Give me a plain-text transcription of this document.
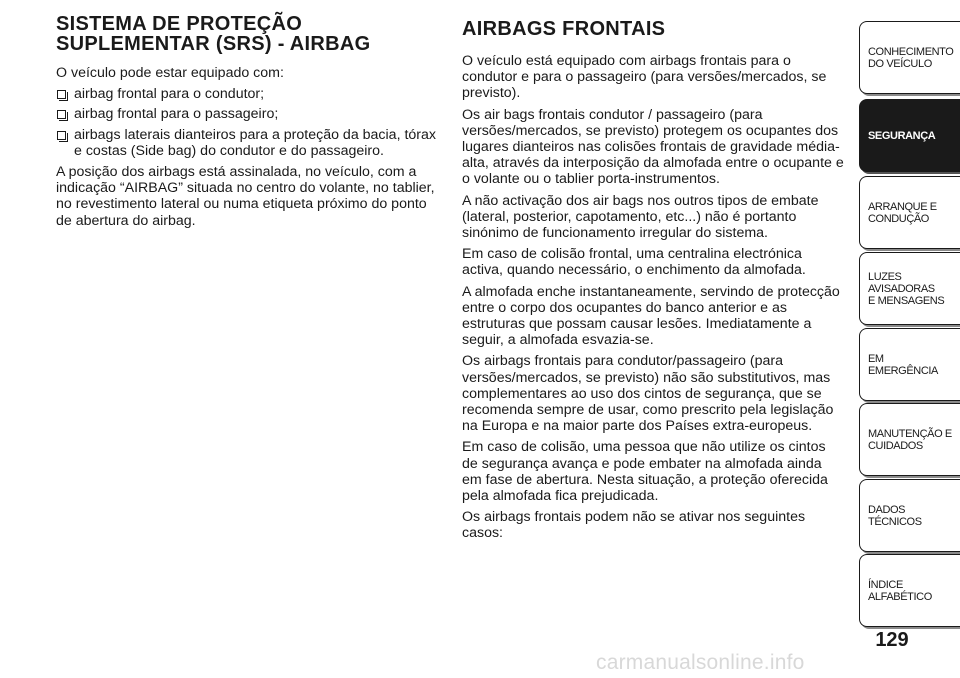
SISTEMA DE PROTEÇÃO
SUPLEMENTAR (SRS) - AIRBAG

O veículo pode estar equipado com:

airbag frontal para o condutor;
airbag frontal para o passageiro;
airbags laterais dianteiros para a proteção da bacia, tórax e costas (Side bag) do condutor e do passageiro.

A posição dos airbags está assinalada, no veículo, com a indicação “AIRBAG” situada no centro do volante, no tablier, no revestimento lateral ou numa etiqueta próximo do ponto de abertura do airbag.

AIRBAGS FRONTAIS

O veículo está equipado com airbags frontais para o condutor e para o passageiro (para versões/mercados, se previsto).

Os air bags frontais condutor / passageiro (para versões/mercados, se previsto) protegem os ocupantes dos lugares dianteiros nas colisões frontais de gravidade média-alta, através da interposição da almofada entre o ocupante e o volante ou o tablier porta-instrumentos.

A não activação dos air bags nos outros tipos de embate (lateral, posterior, capotamento, etc...) não é portanto sinónimo de funcionamento irregular do sistema.

Em caso de colisão frontal, uma centralina electrónica activa, quando necessário, o enchimento da almofada.

A almofada enche instantaneamente, servindo de protecção entre o corpo dos ocupantes do banco anterior e as estruturas que possam causar lesões. Imediatamente a seguir, a almofada esvazia-se.

Os airbags frontais para condutor/passageiro (para versões/mercados, se previsto) não são substitutivos, mas complementares ao uso dos cintos de segurança, que se recomenda sempre de usar, como prescrito pela legislação na Europa e na maior parte dos Países extra-europeus.

Em caso de colisão, uma pessoa que não utilize os cintos de segurança avança e pode embater na almofada ainda em fase de abertura. Nesta situação, a proteção oferecida pela almofada fica prejudicada.

Os airbags frontais podem não se ativar nos seguintes casos:

CONHECIMENTO
DO VEÍCULO
SEGURANÇA
ARRANQUE E
CONDUÇÃO
LUZES AVISADORAS
E MENSAGENS
EM EMERGÊNCIA
MANUTENÇÃO E
CUIDADOS
DADOS TÉCNICOS
ÍNDICE ALFABÉTICO
129
carmanualsonline.info
